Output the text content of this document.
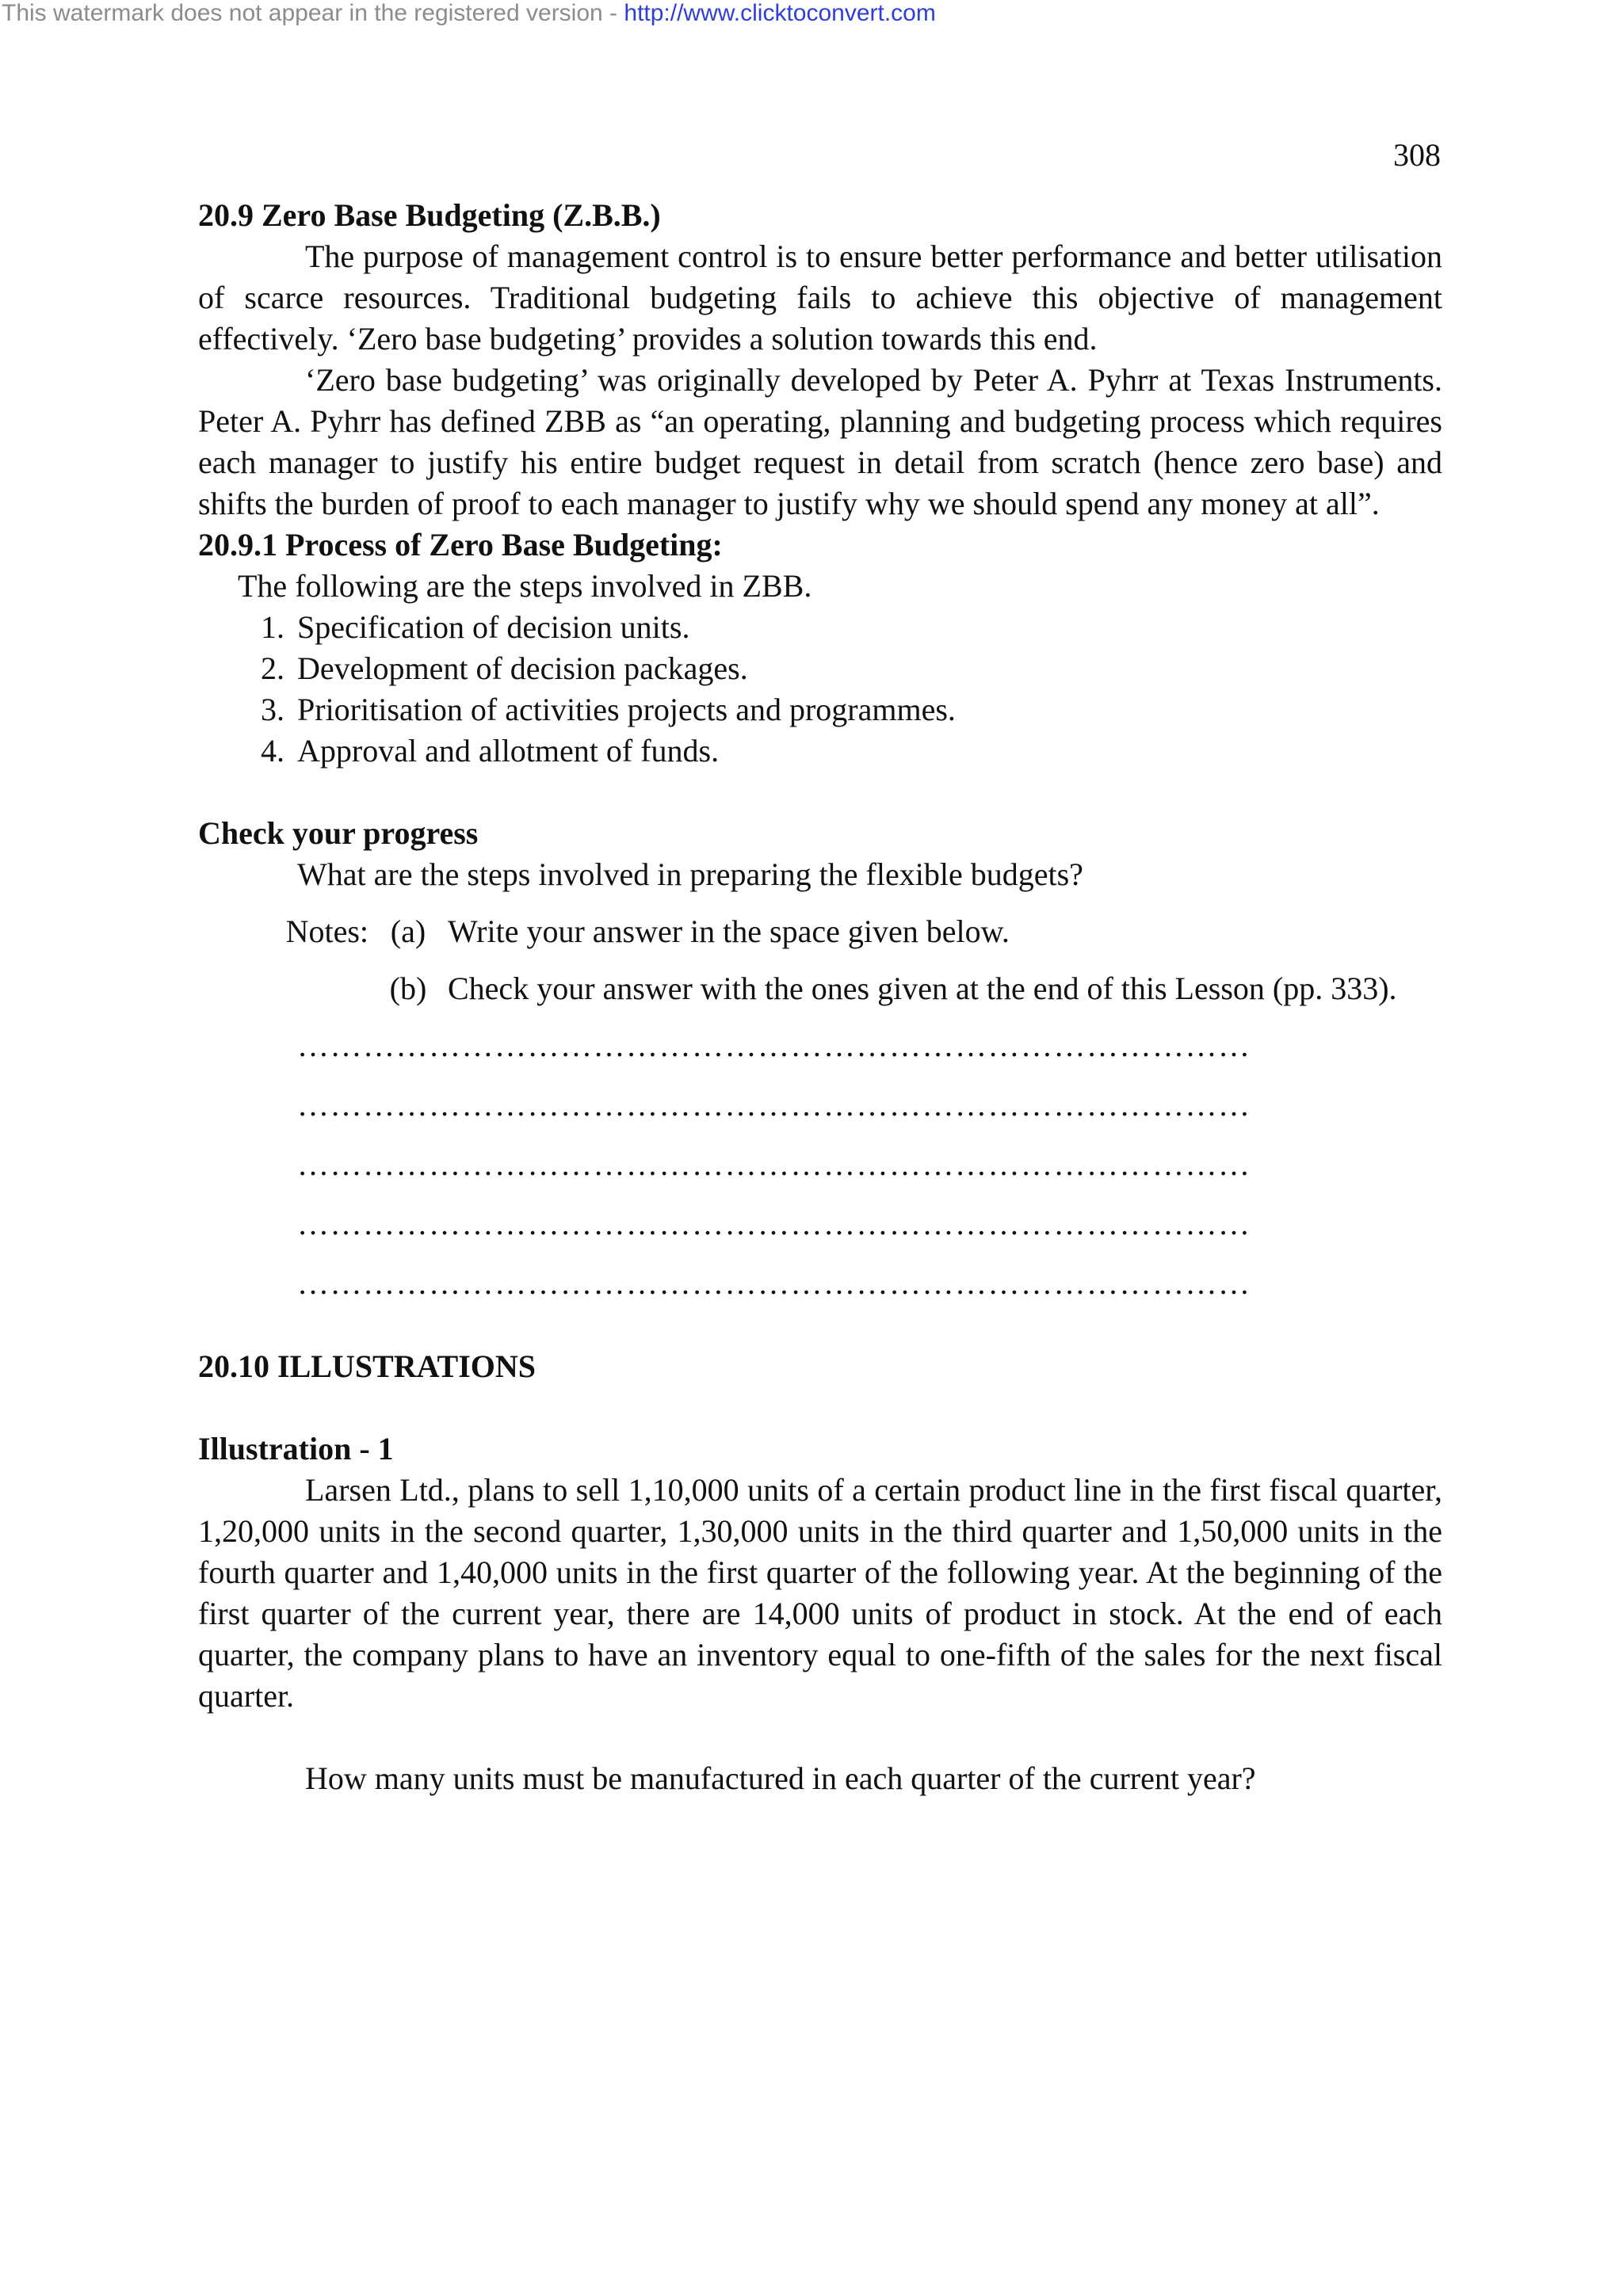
This watermark does not appear in the registered version - http://www.clicktoconvert.com
308

20.9 Zero Base Budgeting (Z.B.B.)

The purpose of management control is to ensure better performance and better utilisation of scarce resources. Traditional budgeting fails to achieve this objective of management effectively. ‘Zero base budgeting’ provides a solution towards this end.

‘Zero base budgeting’ was originally developed by Peter A. Pyhrr at Texas Instruments. Peter A. Pyhrr has defined ZBB as “an operating, planning and budgeting process which requires each manager to justify his entire budget request in detail from scratch (hence zero base) and shifts the burden of proof to each manager to justify why we should spend any money at all”.

20.9.1 Process of Zero Base Budgeting:

The following are the steps involved in ZBB.

1. Specification of decision units.
2. Development of decision packages.
3. Prioritisation of activities projects and programmes.
4. Approval and allotment of funds.

Check your progress

What are the steps involved in preparing the flexible budgets?

Notes: (a) Write your answer in the space given below.
(b) Check your answer with the ones given at the end of this Lesson (pp. 333).
……………………………………………………………………………
……………………………………………………………………………
……………………………………………………………………………
……………………………………………………………………………
……………………………………………………………………………

20.10 ILLUSTRATIONS

Illustration - 1

Larsen Ltd., plans to sell 1,10,000 units of a certain product line in the first fiscal quarter, 1,20,000 units in the second quarter, 1,30,000 units in the third quarter and 1,50,000 units in the fourth quarter and 1,40,000 units in the first quarter of the following year. At the beginning of the first quarter of the current year, there are 14,000 units of product in stock. At the end of each quarter, the company plans to have an inventory equal to one-fifth of the sales for the next fiscal quarter.

How many units must be manufactured in each quarter of the current year?
